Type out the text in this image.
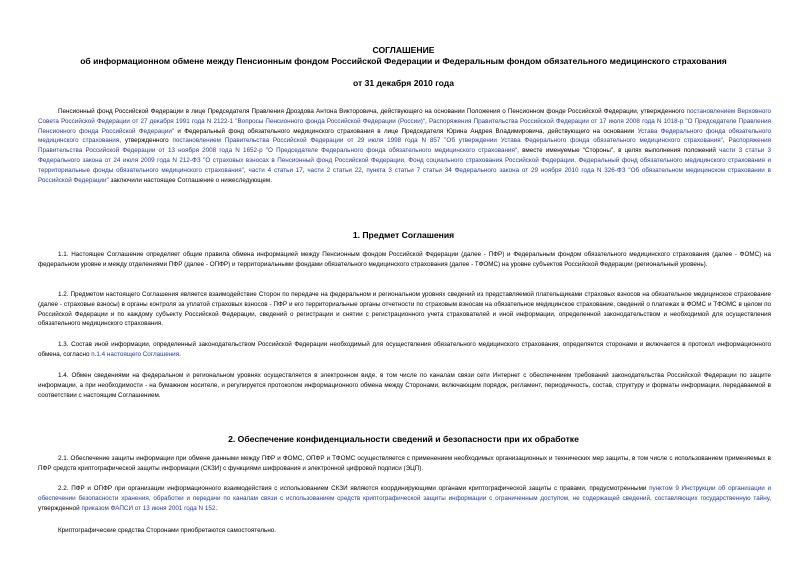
СОГЛАШЕНИЕ
об информационном обмене между Пенсионным фондом Российской Федерации и Федеральным фондом обязательного медицинского страхования
от 31 декабря 2010 года
Пенсионный фонд Российской Федерации в лице Председателя Правления Дроздова Антона Викторовича, действующего на основании Положения о Пенсионном фонде Российской Федерации, утвержденного постановлением Верховного Совета Российской Федерации от 27 декабря 1991 года N 2122-1 "Вопросы Пенсионного фонда Российской Федерации (России)", Распоряжения Правительства Российской Федерации от 17 июля 2008 года N 1018-р "О Председателе Правления Пенсионного фонда Российской Федерации" и Федеральный фонд обязательного медицинского страхования в лице Председателя Юрина Андрея Владимировича, действующего на основании Устава Федерального фонда обязательного медицинского страхования, утвержденного постановлением Правительства Российской Федерации от 29 июля 1998 года N 857 "Об утверждении Устава Федерального фонда обязательного медицинского страхования", Распоряжения Правительства Российской Федерации от 13 ноября 2008 года N 1652-р "О Председателе Федерального фонда обязательного медицинского страхования", вместе именуемые "Стороны", в целях выполнения положений части 3 статьи 3 Федерального закона от 24 июля 2009 года N 212-ФЗ "О страховых взносах в Пенсионный фонд Российской Федерации, Фонд социального страхования Российской Федерации, Федеральный фонд обязательного медицинского страхования и территориальные фонды обязательного медицинского страхования", части 4 статьи 17, части 2 статьи 22, пункта 3 статьи 7 статьи 34 Федерального закона от 29 ноября 2010 года N 326-ФЗ "Об обязательном медицинском страховании в Российской Федерации" заключили настоящее Соглашение о нижеследующем.
1. Предмет Соглашения
1.1. Настоящее Соглашение определяет общие правила обмена информацией между Пенсионным фондом Российской Федерации (далее - ПФР) и Федеральным фондом обязательного медицинского страхования (далее - ФОМС) на федеральном уровне и между отделениями ПФР (далее - ОПФР) и территориальными фондами обязательного медицинского страхования (далее - ТФОМС) на уровне субъектов Российской Федерации (региональный уровень).
1.2. Предметом настоящего Соглашения является взаимодействие Сторон по передаче на федеральном и региональном уровнях сведений из представляемой плательщиками страховых взносов на обязательное медицинское страхование (далее - страховые взносы) в органы контроля за уплатой страховых взносов - ПФР и его территориальные органы отчетности по страховым взносам на обязательное медицинское страхование, сведений о платежах в ФОМС и ТФОМС в целом по Российской Федерации и по каждому субъекту Российской Федерации, сведений о регистрации и снятии с регистрационного учета страхователей и иной информации, определенной законодательством и необходимой для осуществления обязательного медицинского страхования.
1.3. Состав иной информации, определенный законодательством Российской Федерации необходимый для осуществления обязательного медицинского страхования, определяется сторонами и включается в протокол информационного обмена, согласно п.1.4 настоящего Соглашения.
1.4. Обмен сведениями на федеральном и региональном уровнях осуществляется в электронном виде, в том числе по каналам связи сети Интернет с обеспечением требований законодательства Российской Федерации по защите информации, а при необходимости - на бумажном носителе, и регулируется протоколом информационного обмена между Сторонами, включающим порядок, регламент, периодичность, состав, структуру и форматы информации, передаваемой в соответствии с настоящим Соглашением.
2. Обеспечение конфиденциальности сведений и безопасности при их обработке
2.1. Обеспечение защиты информации при обмене данными между ПФР и ФОМС, ОПФР и ТФОМС осуществляется с применением необходимых организационных и технических мер защиты, в том числе с использованием применяемых в ПФР средств криптографической защиты информации (СКЗИ) с функциями шифрования и электронной цифровой подписи (ЭЦП).
2.2. ПФР и ОПФР при организации информационного взаимодействия с использованием СКЗИ являются координирующими органами криптографической защиты с правами, предусмотренными пунктом 9 Инструкции об организации и обеспечении безопасности хранения, обработки и передачи по каналам связи с использованием средств криптографической защиты информации с ограниченным доступом, не содержащей сведений, составляющих государственную тайну, утвержденной приказом ФАПСИ от 13 июня 2001 года N 152.
Криптографические средства Сторонами приобретаются самостоятельно.
